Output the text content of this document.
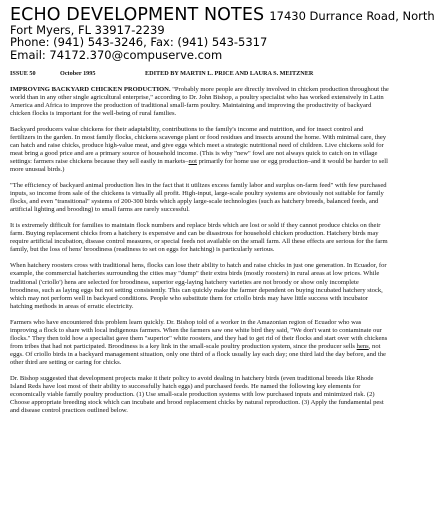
ECHO DEVELOPMENT NOTES 17430 Durrance Road, North
Fort Myers, FL 33917-2239
Phone: (941) 543-3246, Fax: (941) 543-5317
Email: 74172.370@compuserve.com
ISSUE 50	October 1995	EDITED BY MARTIN L. PRICE AND LAURA S. MEITZNER

IMPROVING BACKYARD CHICKEN PRODUCTION. "Probably more people are directly involved in chicken production throughout the world than in any other single agricultural enterprise," according to Dr. John Bishop, a poultry specialist who has worked extensively in Latin America and Africa to improve the production of traditional small-farm poultry. Maintaining and improving the productivity of backyard chicken flocks is important for the well-being of rural families.

Backyard producers value chickens for their adaptability, contributions to the family's income and nutrition, and for insect control and fertilizers in the garden. In most family flocks, chickens scavenge plant or food residues and insects around the home. With minimal care, they can hatch and raise chicks, produce high-value meat, and give eggs which meet a strategic nutritional need of children. Live chickens sold for meat bring a good price and are a primary source of household income. (This is why "new" fowl are not always quick to catch on in village settings: farmers raise chickens because they sell easily in markets–not primarily for home use or egg production–and it would be harder to sell more unusual birds.)

"The efficiency of backyard animal production lies in the fact that it utilizes excess family labor and surplus on-farm feed" with few purchased inputs, so income from sale of the chickens is virtually all profit. High-input, large-scale poultry systems are obviously not suitable for family flocks, and even "transitional" systems of 200-300 birds which apply large-scale technologies (such as hatchery breeds, balanced feeds, and artificial lighting and brooding) to small farms are rarely successful.

It is extremely difficult for families to maintain flock numbers and replace birds which are lost or sold if they cannot produce chicks on their farm. Buying replacement chicks from a hatchery is expensive and can be disastrous for household chicken production. Hatchery birds may require artificial incubation, disease control measures, or special feeds not available on the small farm. All these effects are serious for the farm family, but the loss of hens' broodiness (readiness to set on eggs for hatching) is particularly serious.

When hatchery roosters cross with traditional hens, flocks can lose their ability to hatch and raise chicks in just one generation. In Ecuador, for example, the commercial hatcheries surrounding the cities may "dump" their extra birds (mostly roosters) in rural areas at low prices. While traditional ('criollo') hens are selected for broodiness, superior egg-laying hatchery varieties are not broody or show only incomplete broodiness, such as laying eggs but not setting consistently. This can quickly make the farmer dependent on buying incubated hatchery stock, which may not perform well in backyard conditions. People who substitute them for criollo birds may have little success with incubator hatching methods in areas of erratic electricity.

Farmers who have encountered this problem learn quickly. Dr. Bishop told of a worker in the Amazonian region of Ecuador who was improving a flock to share with local indigenous farmers. When the farmers saw one white bird they said, "We don't want to contaminate our flocks." They then told how a specialist gave them "superior" white roosters, and they had to get rid of their flocks and start over with chickens from tribes that had not participated. Broodiness is a key link in the small-scale poultry production system, since the producer sells hens, not eggs. Of criollo birds in a backyard management situation, only one third of a flock usually lay each day; one third laid the day before, and the other third are setting or caring for chicks.

Dr. Bishop suggested that development projects make it their policy to avoid dealing in hatchery birds (even traditional breeds like Rhode Island Reds have lost most of their ability to successfully hatch eggs) and purchased feeds. He named the following key elements for economically viable family poultry production. (1) Use small-scale production systems with low purchased inputs and minimized risk. (2) Choose appropriate breeding stock which can incubate and brood replacement chicks by natural reproduction. (3) Apply the fundamental pest and disease control practices outlined below.
